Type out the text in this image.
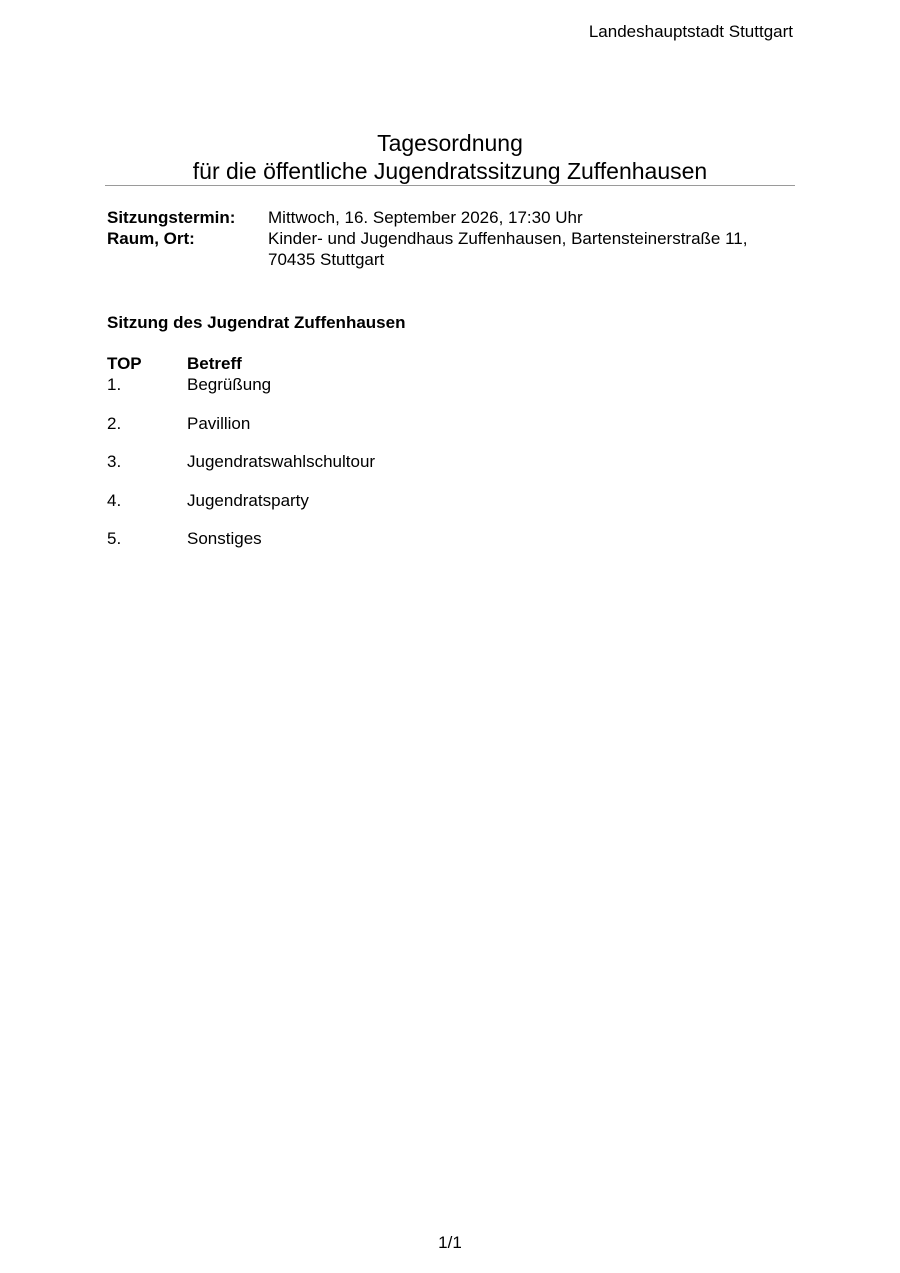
Landeshauptstadt Stuttgart
Tagesordnung
für die öffentliche Jugendratssitzung Zuffenhausen
Sitzungstermin:	Mittwoch, 16. September 2026, 17:30 Uhr
Raum, Ort:	Kinder- und Jugendhaus Zuffenhausen, Bartensteinerstraße 11,
70435 Stuttgart
Sitzung des Jugendrat Zuffenhausen
TOP	Betreff
1.	Begrüßung
2.	Pavillion
3.	Jugendratswahlschultour
4.	Jugendratsparty
5.	Sonstiges
1/1
